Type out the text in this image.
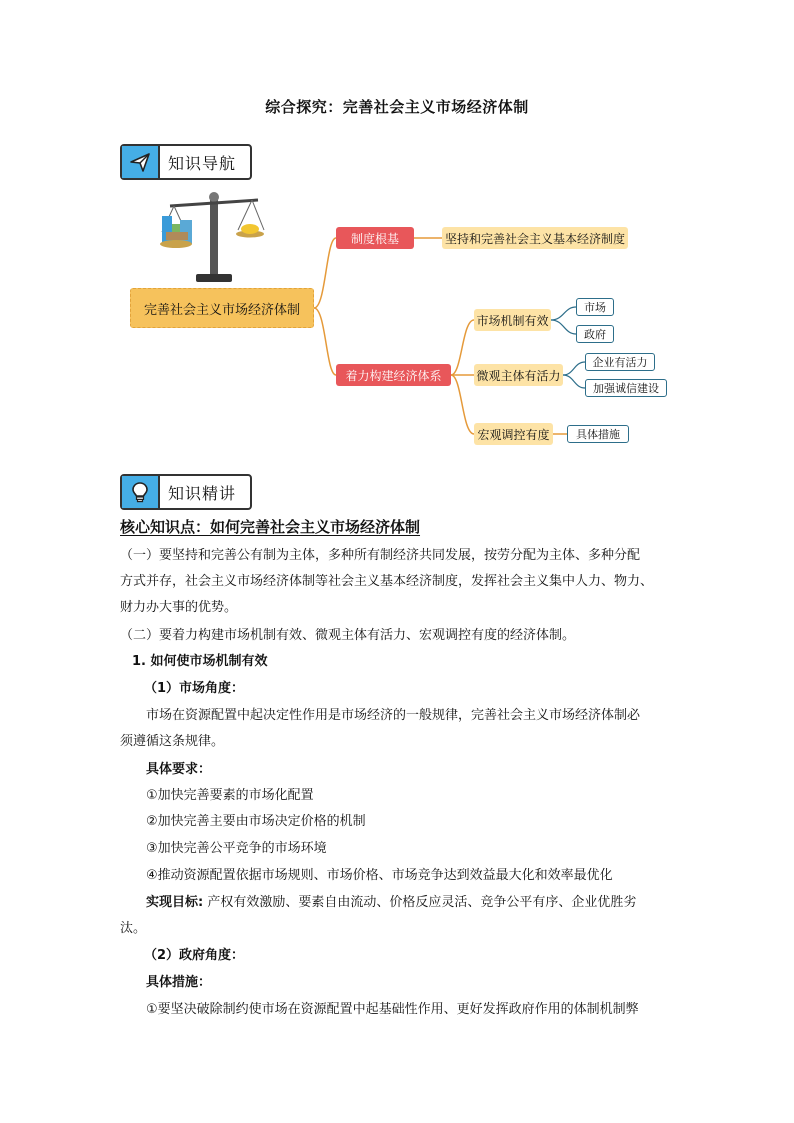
综合探究：完善社会主义市场经济体制
知识导航
完善社会主义市场经济体制
制度根基	坚持和完善社会主义基本经济制度
着力构建经济体系
市场机制有效
微观主体有活力
宏观调控有度
市场
政府
企业有活力
加强诚信建设
具体措施
知识精讲
核心知识点：如何完善社会主义市场经济体制
（一）要坚持和完善公有制为主体，多种所有制经济共同发展，按劳分配为主体、多种分配
方式并存，社会主义市场经济体制等社会主义基本经济制度，发挥社会主义集中人力、物力、
财力办大事的优势。
（二）要着力构建市场机制有效、微观主体有活力、宏观调控有度的经济体制。
1. 如何使市场机制有效
（1）市场角度：
市场在资源配置中起决定性作用是市场经济的一般规律，完善社会主义市场经济体制必
须遵循这条规律。
具体要求：
①加快完善要素的市场化配置
②加快完善主要由市场决定价格的机制
③加快完善公平竞争的市场环境
④推动资源配置依据市场规则、市场价格、市场竞争达到效益最大化和效率最优化
实现目标: 产权有效激励、要素自由流动、价格反应灵活、竞争公平有序、企业优胜劣
汰。
（2）政府角度：
具体措施：
①要坚决破除制约使市场在资源配置中起基础性作用、更好发挥政府作用的体制机制弊
